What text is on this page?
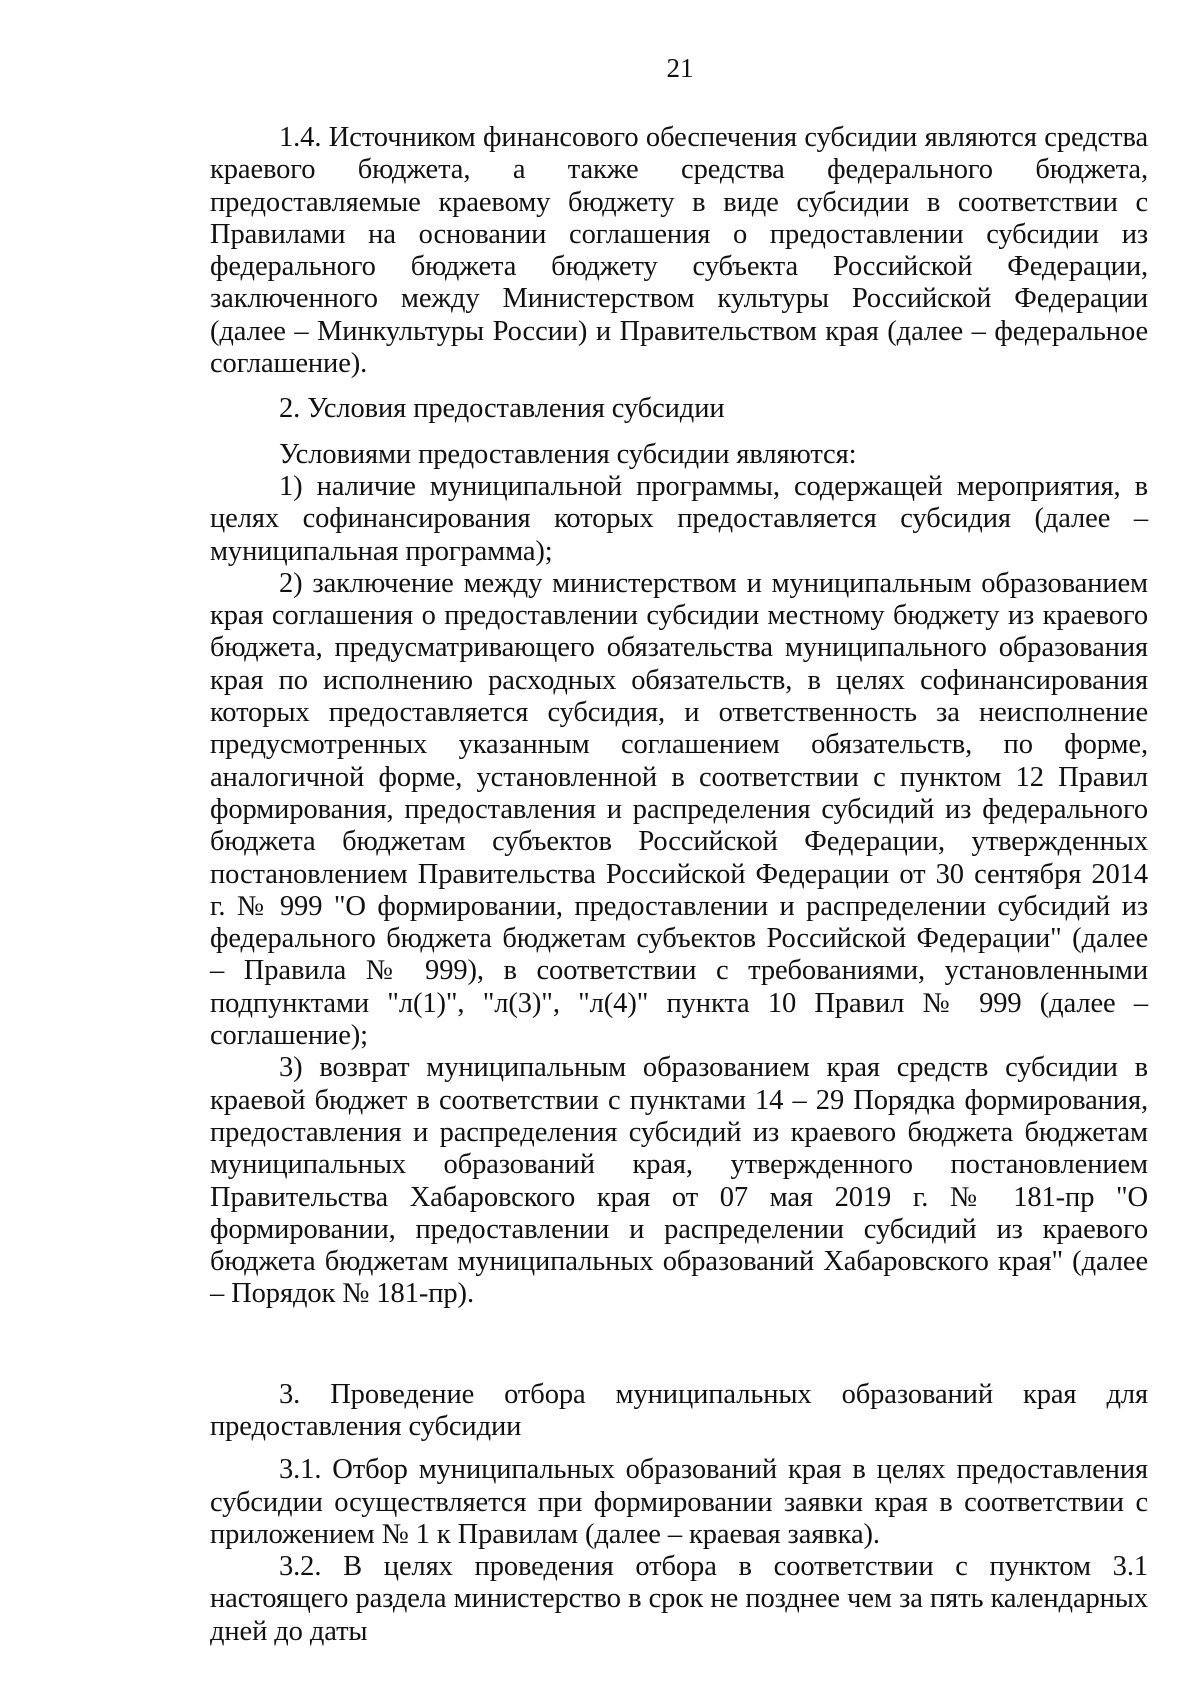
21

1.4. Источником финансового обеспечения субсидии являются средства краевого бюджета, а также средства федерального бюджета, предоставляемые краевому бюджету в виде субсидии в соответствии с Правилами на основании соглашения о предоставлении субсидии из федерального бюджета бюджету субъекта Российской Федерации, заключенного между Министерством культуры Российской Федерации (далее – Минкультуры России) и Правительством края (далее – федеральное соглашение).

2. Условия предоставления субсидии

Условиями предоставления субсидии являются:

1) наличие муниципальной программы, содержащей мероприятия, в целях софинансирования которых предоставляется субсидия (далее – муниципальная программа);

2) заключение между министерством и муниципальным образованием края соглашения о предоставлении субсидии местному бюджету из краевого бюджета, предусматривающего обязательства муниципального образования края по исполнению расходных обязательств, в целях софинансирования которых предоставляется субсидия, и ответственность за неисполнение предусмотренных указанным соглашением обязательств, по форме, аналогичной форме, установленной в соответствии с пунктом 12 Правил формирования, предоставления и распределения субсидий из федерального бюджета бюджетам субъектов Российской Федерации, утвержденных постановлением Правительства Российской Федерации от 30 сентября 2014 г. № 999 "О формировании, предоставлении и распределении субсидий из федерального бюджета бюджетам субъектов Российской Федерации" (далее – Правила № 999), в соответствии с требованиями, установленными подпунктами "л(1)", "л(3)", "л(4)" пункта 10 Правил № 999 (далее – соглашение);

3) возврат муниципальным образованием края средств субсидии в краевой бюджет в соответствии с пунктами 14 – 29 Порядка формирования, предоставления и распределения субсидий из краевого бюджета бюджетам муниципальных образований края, утвержденного постановлением Правительства Хабаровского края от 07 мая 2019 г. № 181-пр "О формировании, предоставлении и распределении субсидий из краевого бюджета бюджетам муниципальных образований Хабаровского края" (далее – Порядок № 181-пр).

3. Проведение отбора муниципальных образований края для предоставления субсидии

3.1. Отбор муниципальных образований края в целях предоставления субсидии осуществляется при формировании заявки края в соответствии с приложением № 1 к Правилам (далее – краевая заявка).

3.2. В целях проведения отбора в соответствии с пунктом 3.1 настоящего раздела министерство в срок не позднее чем за пять календарных дней до даты
